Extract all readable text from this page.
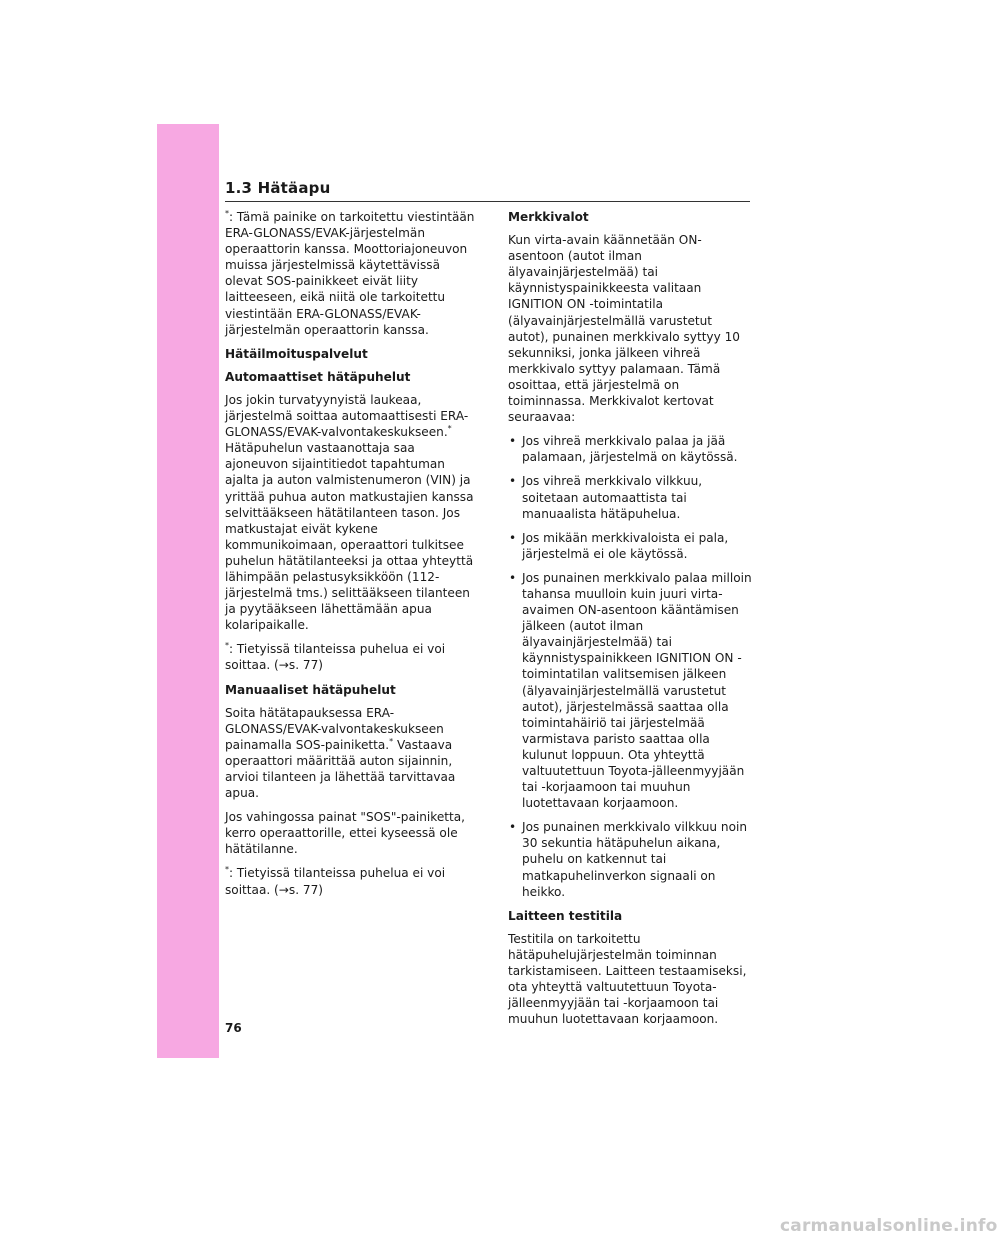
1.3 Hätäapu

*: Tämä painike on tarkoitettu viestintään ERA-GLONASS/EVAK-järjestelmän operaattorin kanssa. Moottoriajoneuvon muissa järjestelmissä käytettävissä olevat SOS-painikkeet eivät liity laitteeseen, eikä niitä ole tarkoitettu viestintään ERA-GLONASS/EVAK-järjestelmän operaattorin kanssa.

Hätäilmoituspalvelut

Automaattiset hätäpuhelut

Jos jokin turvatyynyistä laukeaa, järjestelmä soittaa automaattisesti ERA-GLONASS/EVAK-valvontakeskukseen.* Hätäpuhelun vastaanottaja saa ajoneuvon sijaintitiedot tapahtuman ajalta ja auton valmistenumeron (VIN) ja yrittää puhua auton matkustajien kanssa selvittääkseen hätätilanteen tason. Jos matkustajat eivät kykene kommunikoimaan, operaattori tulkitsee puhelun hätätilanteeksi ja ottaa yhteyttä lähimpään pelastusyksikköön (112-järjestelmä tms.) selittääkseen tilanteen ja pyytääkseen lähettämään apua kolaripaikalle.

*: Tietyissä tilanteissa puhelua ei voi soittaa. (→s. 77)

Manuaaliset hätäpuhelut

Soita hätätapauksessa ERA-GLONASS/EVAK-valvontakeskukseen painamalla SOS-painiketta.* Vastaava operaattori määrittää auton sijainnin, arvioi tilanteen ja lähettää tarvittavaa apua.

Jos vahingossa painat "SOS"-painiketta, kerro operaattorille, ettei kyseessä ole hätätilanne.

*: Tietyissä tilanteissa puhelua ei voi soittaa. (→s. 77)

Merkkivalot

Kun virta-avain käännetään ON-asentoon (autot ilman älyavainjärjestelmää) tai käynnistyspainikkeesta valitaan IGNITION ON -toimintatila (älyavainjärjestelmällä varustetut autot), punainen merkkivalo syttyy 10 sekunniksi, jonka jälkeen vihreä merkkivalo syttyy palamaan. Tämä osoittaa, että järjestelmä on toiminnassa. Merkkivalot kertovat seuraavaa:

• Jos vihreä merkkivalo palaa ja jää palamaan, järjestelmä on käytössä.
• Jos vihreä merkkivalo vilkkuu, soitetaan automaattista tai manuaalista hätäpuhelua.
• Jos mikään merkkivaloista ei pala, järjestelmä ei ole käytössä.
• Jos punainen merkkivalo palaa milloin tahansa muulloin kuin juuri virta-avaimen ON-asentoon kääntämisen jälkeen (autot ilman älyavainjärjestelmää) tai käynnistyspainikkeen IGNITION ON -toimintatilan valitsemisen jälkeen (älyavainjärjestelmällä varustetut autot), järjestelmässä saattaa olla toimintahäiriö tai järjestelmää varmistava paristo saattaa olla kulunut loppuun. Ota yhteyttä valtuutettuun Toyota-jälleenmyyjään tai -korjaamoon tai muuhun luotettavaan korjaamoon.
• Jos punainen merkkivalo vilkkuu noin 30 sekuntia hätäpuhelun aikana, puhelu on katkennut tai matkapuhelinverkon signaali on heikko.

Laitteen testitila

Testitila on tarkoitettu hätäpuhelujärjestelmän toiminnan tarkistamiseen. Laitteen testaamiseksi, ota yhteyttä valtuutettuun Toyota-jälleenmyyjään tai -korjaamoon tai muuhun luotettavaan korjaamoon.

76
carmanualsonline.info
